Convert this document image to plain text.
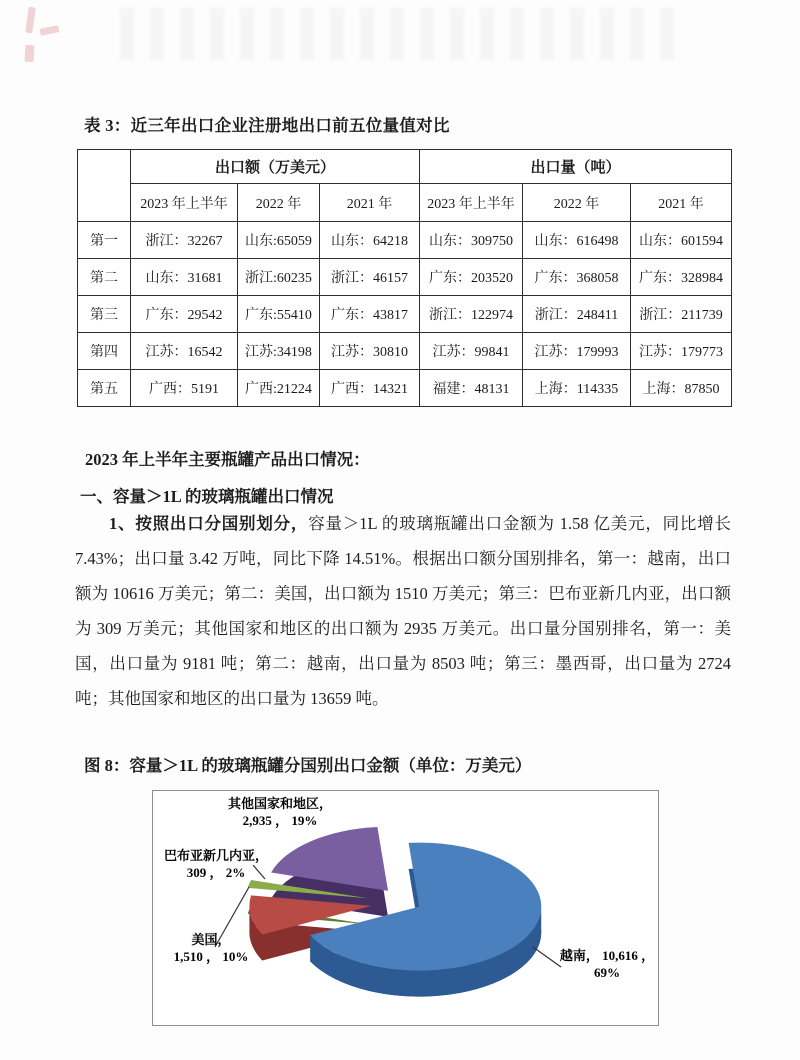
表 3：近三年出口企业注册地出口前五位量值对比
	出口额（万美元）			出口量（吨）		
	2023 年上半年	2022 年	2021 年	2023 年上半年	2022 年	2021 年
第一	浙江：32267	山东:65059	山东：64218	山东：309750	山东：616498	山东：601594
第二	山东：31681	浙江:60235	浙江：46157	广东：203520	广东：368058	广东：328984
第三	广东：29542	广东:55410	广东：43817	浙江：122974	浙江：248411	浙江：211739
第四	江苏：16542	江苏:34198	江苏：30810	江苏：99841	江苏：179993	江苏：179773
第五	广西：5191	广西:21224	广西：14321	福建：48131	上海：114335	上海：87850
2023 年上半年主要瓶罐产品出口情况：
一、容量＞1L 的玻璃瓶罐出口情况
1、按照出口分国别划分，容量＞1L 的玻璃瓶罐出口金额为 1.58 亿美元，同比增长 7.43%；出口量 3.42 万吨，同比下降 14.51%。根据出口额分国别排名，第一：越南，出口额为 10616 万美元；第二：美国，出口额为 1510 万美元；第三：巴布亚新几内亚，出口额为 309 万美元；其他国家和地区的出口额为 2935 万美元。出口量分国别排名，第一：美国，出口量为 9181 吨；第二：越南，出口量为 8503 吨；第三：墨西哥，出口量为 2724 吨；其他国家和地区的出口量为 13659 吨。
图 8：容量＞1L 的玻璃瓶罐分国别出口金额（单位：万美元）
其他国家和地区，
2,935 ， 19%
巴布亚新几内亚，
309 ， 2%
美国，
1,510 ， 10%	越南， 10,616 ，
69%
